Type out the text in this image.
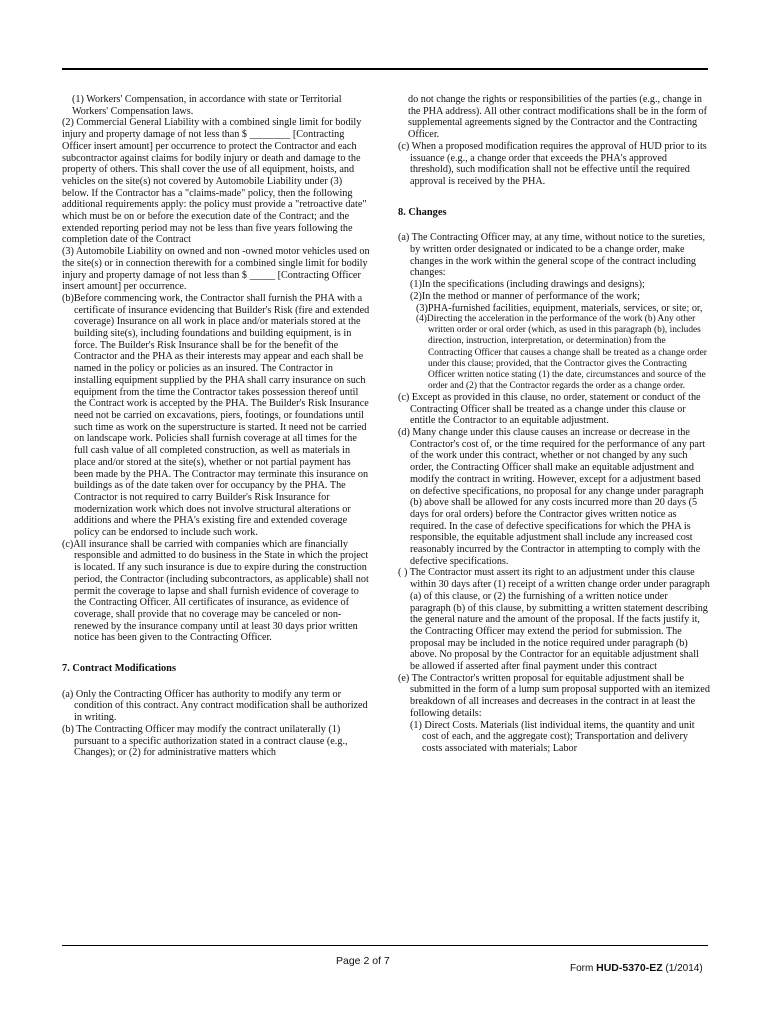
(1) Workers' Compensation, in accordance with state or Territorial Workers' Compensation laws.

(2) Commercial General Liability with a combined single limit for bodily injury and property damage of not less than $ ________ [Contracting Officer insert amount] per occurrence to protect the Contractor and each subcontractor against claims for bodily injury or death and damage to the property of others. This shall cover the use of all equipment, hoists, and vehicles on the site(s) not covered by Automobile Liability under (3) below. If the Contractor has a "claims-made" policy, then the following additional requirements apply: the policy must provide a "retroactive date" which must be on or before the execution date of the Contract; and the extended reporting period may not be less than five years following the completion date of the Contract

(3) Automobile Liability on owned and non -owned motor vehicles used on the site(s) or in connection therewith for a combined single limit for bodily injury and property damage of not less than $ _____ [Contracting Officer insert amount] per occurrence.

(b)Before commencing work, the Contractor shall furnish the PHA with a certificate of insurance evidencing that Builder's Risk (fire and extended coverage) Insurance on all work in place and/or materials stored at the building site(s), including foundations and building equipment, is in force. The Builder's Risk Insurance shall be for the benefit of the Contractor and the PHA as their interests may appear and each shall be named in the policy or policies as an insured. The Contractor in installing equipment supplied by the PHA shall carry insurance on such equipment from the time the Contractor takes possession thereof until the Contract work is accepted by the PHA. The Builder's Risk Insurance need not be carried on excavations, piers, footings, or foundations until such time as work on the superstructure is started. It need not be carried on landscape work. Policies shall furnish coverage at all times for the full cash value of all completed construction, as well as materials in place and/or stored at the site(s), whether or not partial payment has been made by the PHA. The Contractor may terminate this insurance on buildings as of the date taken over for occupancy by the PHA. The Contractor is not required to carry Builder's Risk Insurance for modernization work which does not involve structural alterations or additions and where the PHA's existing fire and extended coverage policy can be endorsed to include such work.

(c)All insurance shall be carried with companies which are financially responsible and admitted to do business in the State in which the project is located. If any such insurance is due to expire during the construction period, the Contractor (including subcontractors, as applicable) shall not permit the coverage to lapse and shall furnish evidence of coverage to the Contracting Officer. All certificates of insurance, as evidence of coverage, shall provide that no coverage may be canceled or non-renewed by the insurance company until at least 30 days prior written notice has been given to the Contracting Officer.

7. Contract Modifications

(a) Only the Contracting Officer has authority to modify any term or condition of this contract. Any contract modification shall be authorized in writing.

(b) The Contracting Officer may modify the contract unilaterally (1) pursuant to a specific authorization stated in a contract clause (e.g., Changes); or (2) for administrative matters which

do not change the rights or responsibilities of the parties (e.g., change in the PHA address). All other contract modifications shall be in the form of supplemental agreements signed by the Contractor and the Contracting Officer.

(c) When a proposed modification requires the approval of HUD prior to its issuance (e.g., a change order that exceeds the PHA's approved threshold), such modification shall not be effective until the required approval is received by the PHA.

8. Changes

(a) The Contracting Officer may, at any time, without notice to the sureties, by written order designated or indicated to be a change order, make changes in the work within the general scope of the contract including changes:

(1)In the specifications (including drawings and designs);

(2)In the method or manner of performance of the work;

(3)PHA-furnished facilities, equipment, materials, services, or site; or,

(4)Directing the acceleration in the performance of the work (b) Any other written order or oral order (which, as used in this paragraph (b), includes direction, instruction, interpretation, or determination) from the Contracting Officer that causes a change shall be treated as a change order under this clause; provided, that the Contractor gives the Contracting Officer written notice stating (1) the date, circumstances and source of the order and (2) that the Contractor regards the order as a change order.

(c) Except as provided in this clause, no order, statement or conduct of the Contracting Officer shall be treated as a change under this clause or entitle the Contractor to an equitable adjustment.

(d) Many change under this clause causes an increase or decrease in the Contractor's cost of, or the time required for the performance of any part of the work under this contract, whether or not changed by any such order, the Contracting Officer shall make an equitable adjustment and modify the contract in writing. However, except for a adjustment based on defective specifications, no proposal for any change under paragraph (b) above shall be allowed for any costs incurred more than 20 days (5 days for oral orders) before the Contractor gives written notice as required. In the case of defective specifications for which the PHA is responsible, the equitable adjustment shall include any increased cost reasonably incurred by the Contractor in attempting to comply with the defective specifications.

( ) The Contractor must assert its right to an adjustment under this clause within 30 days after (1) receipt of a written change order under paragraph (a) of this clause, or (2) the furnishing of a written notice under paragraph (b) of this clause, by submitting a written statement describing the general nature and the amount of the proposal. If the facts justify it, the Contracting Officer may extend the period for submission. The proposal may be included in the notice required under paragraph (b) above. No proposal by the Contractor for an equitable adjustment shall be allowed if asserted after final payment under this contract

(e) The Contractor's written proposal for equitable adjustment shall be submitted in the form of a lump sum proposal supported with an itemized breakdown of all increases and decreases in the contract in at least the following details:

(1) Direct Costs. Materials (list individual items, the quantity and unit cost of each, and the aggregate cost); Transportation and delivery costs associated with materials; Labor

Page 2 of 7
Form HUD-5370-EZ (1/2014)
